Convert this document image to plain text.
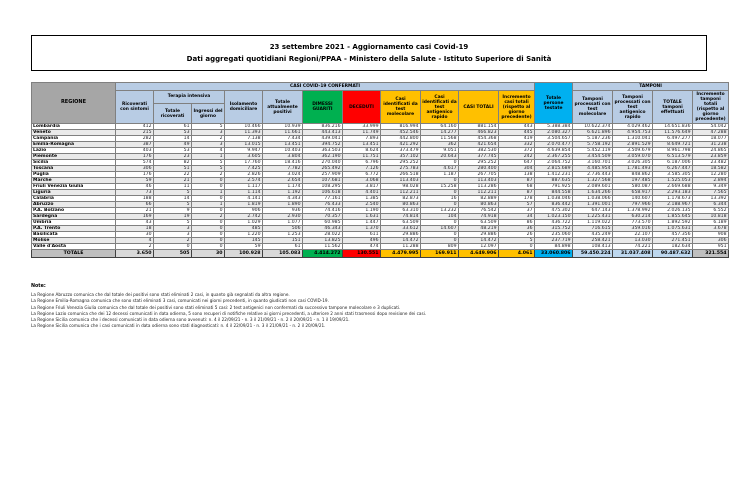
23 settembre 2021 - Aggiornamento casi Covid-19
Dati aggregati quotidiani Regioni/PPAA - Ministero della Salute - Istituto Superiore di Sanità
REGIONE	CASI COVID-19 CONFERMATI											Totale persone testate	TAMPONI			
	Ricoverati con sintomi	Terapia intensiva		Isolamento domiciliare	Totale attualmente positivi	DIMESSI GUARITI	DECEDUTI	Casi identificati da test molecolare	Casi identificati da test antigenico rapido	CASI TOTALI	Incremento casi totali (rispetto al giorno precedente)		Tamponi processati con test molecolare	Tamponi processati con test antigenico rapido	TOTALE tamponi effettuati	Incremento tamponi totali (rispetto al giorno precedente)
		Totale ricoverati	Ingressi del giorno													
Lombardia	412	61	5	10.466	10.939	836.216	33.999	816.994	64.160	881.154	443	5.388.384	10.622.374	4.029.462	14.651.836	54.042
Veneto	215	53	3	11.393	11.661	443.413	11.749	452.546	14.277	466.823	445	2.080.327	6.621.896	4.954.753	11.576.649	47.288
Campania	282	14	2	7.138	7.434	439.041	7.893	442.800	11.568	454.368	419	3.504.657	5.187.236	1.310.041	6.497.277	18.077
Emilia-Romagna	387	49	3	13.015	13.451	394.752	13.451	421.292	362	421.654	332	2.070.477	5.758.192	2.891.529	8.649.721	31.238
Lazio	403	53	4	9.947	10.403	363.503	8.624	373.479	9.051	382.530	372	4.639.854	5.452.119	3.509.679	8.961.798	24.865
Piemonte	176	23	1	3.605	3.804	362.190	11.751	357.102	20.643	377.745	242	2.367.255	3.454.509	3.059.070	6.513.579	23.859
Sicilia	574	82	5	17.760	18.416	270.040	6.796	295.252	0	295.252	647	2.064.752	3.160.701	3.026.305	6.187.006	23.482
Toscana	306	51	5	7.425	7.782	265.492	7.126	275.783	4.617	280.400	304	2.815.689	4.485.954	1.781.493	6.267.447	18.582
Puglia	176	22	2	2.826	3.024	257.909	6.772	266.518	1.187	267.705	138	1.412.231	2.736.443	848.862	3.585.305	12.280
Marche	59	21	0	2.574	2.654	107.681	3.068	113.403	0	113.403	87	887.635	1.327.568	197.485	1.525.053	2.894
Friuli Venezia Giulia	46	11	0	1.117	1.174	108.295	3.817	98.028	15.258	113.286	68	791.925	2.089.601	580.087	2.669.688	9.349
Liguria	73	5	1	1.114	1.192	106.618	4.401	112.211	0	112.211	87	844.558	1.634.266	658.917	2.293.183	7.565
Calabria	188	14	0	4.141	4.343	77.161	1.385	82.873	16	82.889	178	1.038.046	1.038.066	140.607	1.178.673	13.392
Abruzzo	66	5	1	1.819	1.890	76.433	2.540	80.863	0	80.863	57	836.442	1.391.001	797.966	2.188.967	6.344
P.A. Bolzano	21	9	0	906	936	74.416	1.190	63.310	13.232	76.542	37	475.302	647.143	1.378.992	2.026.135	6.552
Sardegna	169	19	2	2.742	2.930	70.357	1.631	74.814	104	74.918	34	1.023.150	1.225.431	630.214	1.855.645	10.818
Umbria	43	5	0	1.029	1.077	60.985	1.447	63.509	0	63.509	86	436.722	1.119.022	773.570	1.892.592	6.189
P.A. Trento	18	3	0	485	506	46.343	1.370	33.612	14.607	48.219	36	315.752	716.615	359.016	1.075.631	3.678
Basilicata	30	3	0	1.220	1.253	28.022	611	29.886	0	29.886	26	235.060	435.249	22.107	457.356	908
Molise	4	2	0	145	151	13.825	496	14.472	0	14.472	5	237.719	258.421	13.030	271.451	306
Valle d'Aosta	2	0	0	59	61	11.562	474	11.288	809	12.097	0	84.898	108.413	74.221	182.634	951
TOTALE	3.650	505	30	100.928	105.083	4.414.272	130.551	4.479.995	169.911	4.649.906	4.061	33.060.806	59.450.224	31.037.408	90.487.632	321.554
Note:
La Regione Abruzzo comunica che dal totale dei positivi sono stati eliminati 2 casi, in quanto già segnalati da altra regione.
La Regione Emilia-Romagna comunica che sono stati eliminati 3 casi, comunicati nei giorni precedenti, in quanto giudicati non casi COVID-19.
La Regione Friuli Venezia Giulia comunica che dal totale dei positivi sono stati eliminati 5 casi: 2 test antigenici non confermati da successivo tampone molecolare e 3 duplicati.
La Regione Lazio comunica che dei 12 decessi comunicati in data odierna, 5 sono recuperi di notifiche relative ai giorni precedenti, a ulteriore 2 anni stati trasmessi dopo revisione dei casi.
La Regione Sicilia comunica che i decessi comunicati in data odierna sono avvenuti: n. 4 il 22/09/21 - n. 3 il 21/09/21 - n. 2 il 20/09/21 - n. 1 il 19/09/21.
La Regione Sicilia comunica che i casi comunicati in data odierna sono stati diagnosticati: n. 4 il 22/09/21 - n. 3 il 21/09/21 - n. 2 il 20/09/21.
